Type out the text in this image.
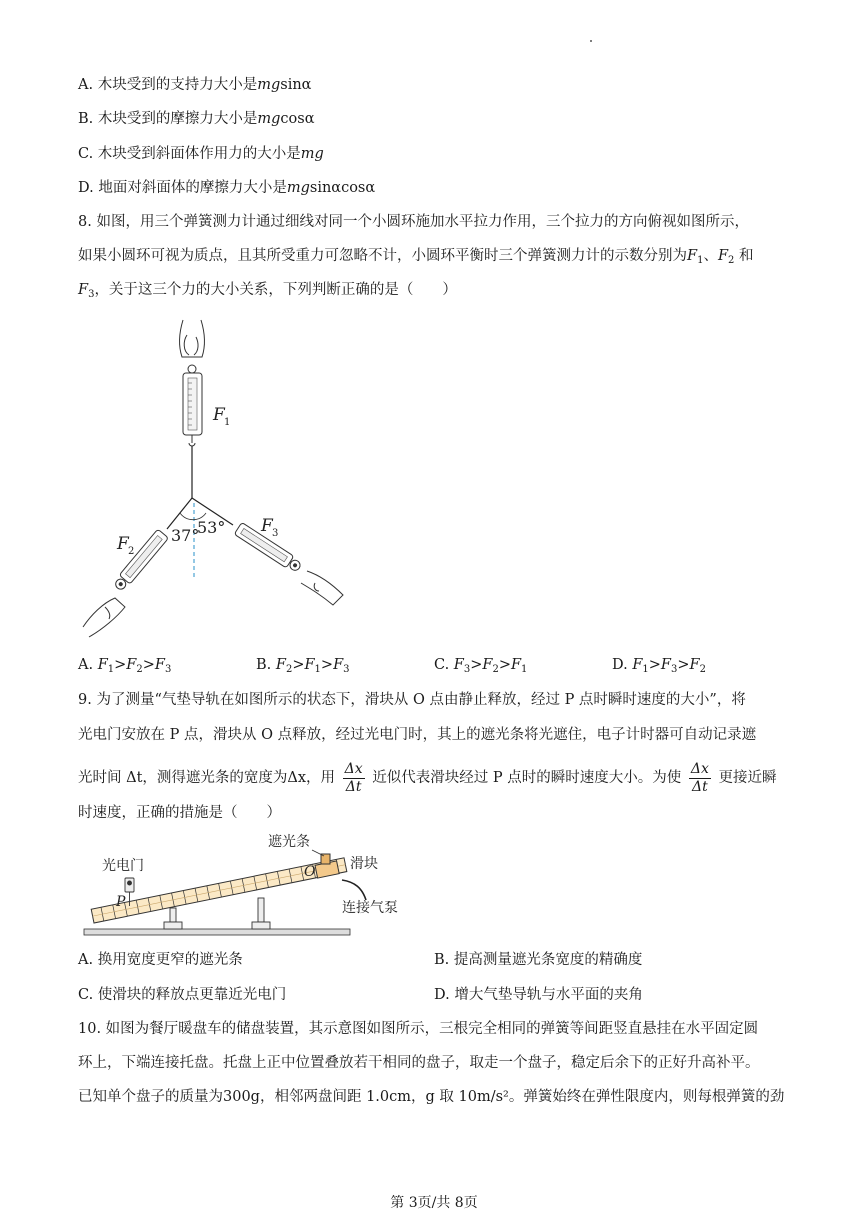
A. 木块受到的支持力大小是mgsinα
B. 木块受到的摩擦力大小是mgcosα
C. 木块受到斜面体作用力的大小是mg
D. 地面对斜面体的摩擦力大小是mgsinαcosα
8. 如图，用三个弹簧测力计通过细线对同一个小圆环施加水平拉力作用，三个拉力的方向俯视如图所示，
如果小圆环可视为质点，且其所受重力可忽略不计，小圆环平衡时三个弹簧测力计的示数分别为$F_1$、$F_2$ 和
$F_3$，关于这三个力的大小关系，下列判断正确的是（　　）
F 1
F 2
F 3
37°
53°
A. $F_1>F_2>F_3$	B. $F_2>F_1>F_3$	C. $F_3>F_2>F_1$	D. $F_1>F_3>F_2$
9. 为了测量“气垫导轨在如图所示的状态下，滑块从 O 点由静止释放，经过 P 点时瞬时速度的大小”，将
光电门安放在 P 点，滑块从 O 点释放，经过光电门时，其上的遮光条将光遮住，电子计时器可自动记录遮
光时间 Δt，测得遮光条的宽度为Δx，用 $\frac{\Delta x}{\Delta t}$ 近似代表滑块经过 P 点时的瞬时速度大小。为使 $\frac{\Delta x}{\Delta t}$ 更接近瞬
时速度，正确的措施是（　　）
光电门
遮光条
滑块
连接气泵
O
P
A. 换用宽度更窄的遮光条	B. 提高测量遮光条宽度的精确度
C. 使滑块的释放点更靠近光电门	D. 增大气垫导轨与水平面的夹角
10. 如图为餐厅暖盘车的储盘装置，其示意图如图所示，三根完全相同的弹簧等间距竖直悬挂在水平固定圆
环上，下端连接托盘。托盘上正中位置叠放若干相同的盘子，取走一个盘子，稳定后余下的正好升高补平。
已知单个盘子的质量为300g，相邻两盘间距 1.0cm，g 取 10m/s²。弹簧始终在弹性限度内，则每根弹簧的劲
第 3页/共 8页
